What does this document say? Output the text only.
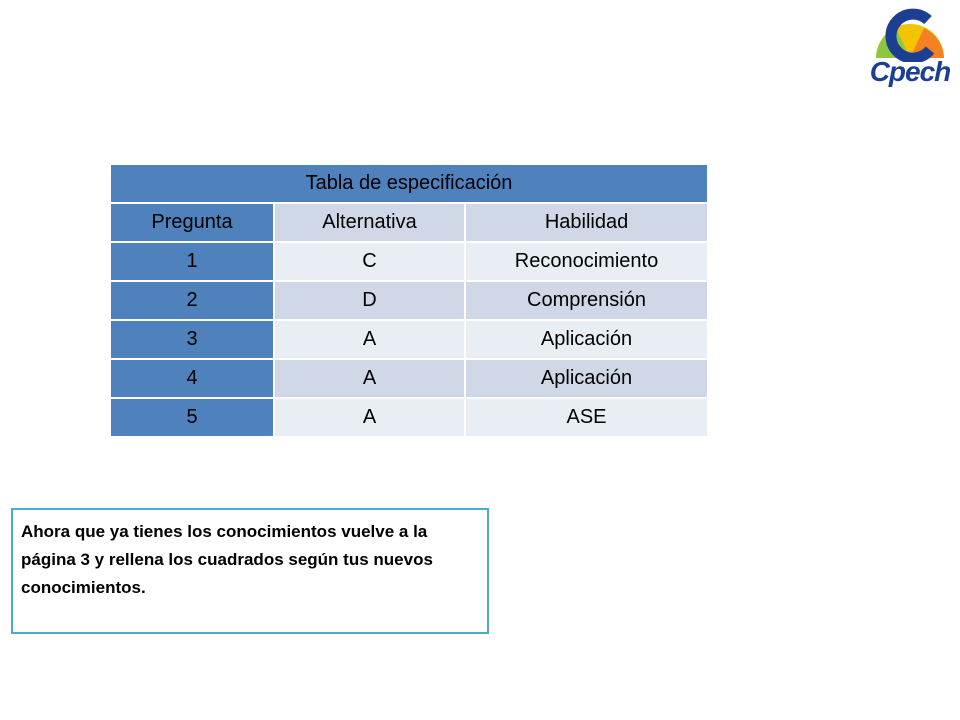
Cpech
Tabla de especificación		
Pregunta	Alternativa	Habilidad
1	C	Reconocimiento
2	D	Comprensión
3	A	Aplicación
4	A	Aplicación
5	A	ASE
Ahora que ya tienes los conocimientos vuelve a la página 3 y rellena los cuadrados según tus nuevos conocimientos.
